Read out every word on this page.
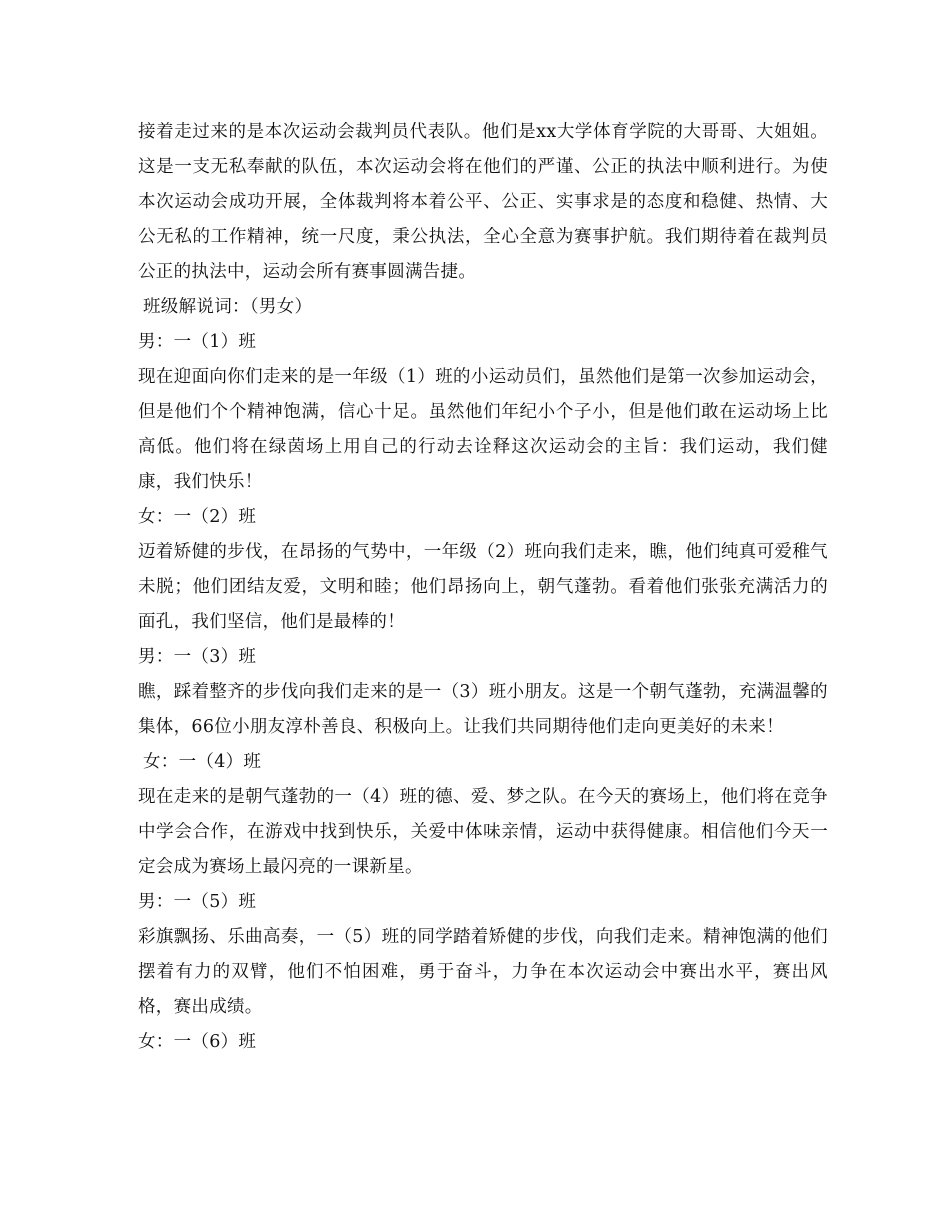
接着走过来的是本次运动会裁判员代表队。他们是xx大学体育学院的大哥哥、大姐姐。这是一支无私奉献的队伍，本次运动会将在他们的严谨、公正的执法中顺利进行。为使本次运动会成功开展，全体裁判将本着公平、公正、实事求是的态度和稳健、热情、大公无私的工作精神，统一尺度，秉公执法，全心全意为赛事护航。我们期待着在裁判员公正的执法中，运动会所有赛事圆满告捷。

班级解说词：（男女）

男：一（1）班

现在迎面向你们走来的是一年级（1）班的小运动员们，虽然他们是第一次参加运动会，但是他们个个精神饱满，信心十足。虽然他们年纪小个子小，但是他们敢在运动场上比高低。他们将在绿茵场上用自己的行动去诠释这次运动会的主旨：我们运动，我们健康，我们快乐！

女：一（2）班

迈着矫健的步伐，在昂扬的气势中，一年级（2）班向我们走来，瞧，他们纯真可爱稚气未脱；他们团结友爱，文明和睦；他们昂扬向上，朝气蓬勃。看着他们张张充满活力的面孔，我们坚信，他们是最棒的！

男：一（3）班

瞧，踩着整齐的步伐向我们走来的是一（3）班小朋友。这是一个朝气蓬勃，充满温馨的集体，66位小朋友淳朴善良、积极向上。让我们共同期待他们走向更美好的未来！

女：一（4）班

现在走来的是朝气蓬勃的一（4）班的德、爱、梦之队。在今天的赛场上，他们将在竞争中学会合作，在游戏中找到快乐，关爱中体味亲情，运动中获得健康。相信他们今天一定会成为赛场上最闪亮的一课新星。

男：一（5）班

彩旗飘扬、乐曲高奏，一（5）班的同学踏着矫健的步伐，向我们走来。精神饱满的他们摆着有力的双臂，他们不怕困难，勇于奋斗，力争在本次运动会中赛出水平，赛出风格，赛出成绩。

女：一（6）班
